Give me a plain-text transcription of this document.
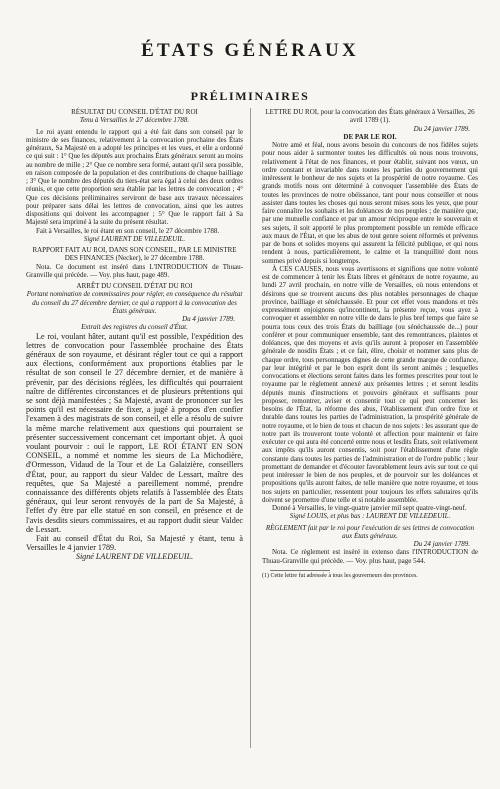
ÉTATS GÉNÉRAUX
PRÉLIMINAIRES

RÉSULTAT DU CONSEIL D'ÉTAT DU ROI

Tenu à Versailles le 27 décembre 1788.

Le roi ayant entendu le rapport qui a été fait dans son conseil par le ministre de ses finances, relativement à la convocation prochaine des États généraux, Sa Majesté en a adopté les principes et les vues, et elle a ordonné ce qui suit : 1° Que les députés aux prochains États généraux seront au moins au nombre de mille ; 2° Que ce nombre sera formé, autant qu'il sera possible, en raison composée de la population et des contributions de chaque bailliage ; 3° Que le nombre des députés du tiers-état sera égal à celui des deux ordres réunis, et que cette proportion sera établie par les lettres de convocation ; 4° Que ces décisions préliminaires serviront de base aux travaux nécessaires pour préparer sans délai les lettres de convocation, ainsi que les autres dispositions qui doivent les accompagner ; 5° Que le rapport fait à Sa Majesté sera imprimé à la suite du présent résultat.

Fait à Versailles, le roi étant en son conseil, le 27 décembre 1788.

Signé LAURENT DE VILLEDEUIL.

RAPPORT FAIT AU ROI, DANS SON CONSEIL, PAR LE MINISTRE DES FINANCES (Necker), le 27 décembre 1788.

Nota. Ce document est inséré dans L'INTRODUCTION de Thuau-Granville qui précède. — Voy. plus haut, page 489.

ARRÊT DU CONSEIL D'ÉTAT DU ROI

Portant nomination de commissaires pour régler, en conséquence du résultat du conseil du 27 décembre dernier, ce qui a rapport à la convocation des États généraux.

Du 4 janvier 1789.

Extrait des registres du conseil d'État.

Le roi, voulant hâter, autant qu'il est possible, l'expédition des lettres de convocation pour l'assemblée prochaine des États généraux de son royaume, et désirant régler tout ce qui a rapport aux élections, conformément aux proportions établies par le résultat de son conseil le 27 décembre dernier, et de manière à prévenir, par des décisions réglées, les difficultés qui pourraient naître de différentes circonstances et de plusieurs prétentions qui se sont déjà manifestées ; Sa Majesté, avant de prononcer sur les points qu'il est nécessaire de fixer, a jugé à propos d'en confier l'examen à des magistrats de son conseil, et elle a résolu de suivre la même marche relativement aux questions qui pourraient se présenter successivement concernant cet important objet. À quoi voulant pourvoir : ouï le rapport, LE ROI ÉTANT EN SON CONSEIL, a nommé et nomme les sieurs de La Michodière, d'Ormesson, Vidaud de la Tour et de La Galaizière, conseillers d'État, pour, au rapport du sieur Valdec de Lessart, maître des requêtes, que Sa Majesté a pareillement nommé, prendre connaissance des différents objets relatifs à l'assemblée des États généraux, qui leur seront renvoyés de la part de Sa Majesté, à l'effet d'y être par elle statué en son conseil, en présence et de l'avis desdits sieurs commissaires, et au rapport dudit sieur Valdec de Lessart.

Fait au conseil d'État du Roi, Sa Majesté y étant, tenu à Versailles le 4 janvier 1789.

Signé LAURENT DE VILLEDEUIL.

LETTRE DU ROI, pour la convocation des États généraux à Versailles, 26 avril 1789 (1).

Du 24 janvier 1789.

DE PAR LE ROI.

Notre amé et féal, nous avons besoin du concours de nos fidèles sujets pour nous aider à surmonter toutes les difficultés où nous nous trouvons, relativement à l'état de nos finances, et pour établir, suivant nos vœux, un ordre constant et invariable dans toutes les parties du gouvernement qui intéressent le bonheur de nos sujets et la prospérité de notre royaume. Ces grands motifs nous ont déterminé à convoquer l'assemblée des États de toutes les provinces de notre obéissance, tant pour nous conseiller et nous assister dans toutes les choses qui nous seront mises sous les yeux, que pour faire connaître les souhaits et les doléances de nos peuples ; de manière que, par une mutuelle confiance et par un amour réciproque entre le souverain et ses sujets, il soit apporté le plus promptement possible un remède efficace aux maux de l'État, et que les abus de tout genre soient réformés et prévenus par de bons et solides moyens qui assurent la félicité publique, et qui nous rendent à nous, particulièrement, le calme et la tranquillité dont nous sommes privé depuis si longtemps.

À CES CAUSES, nous vous avertissons et signifions que notre volonté est de commencer à tenir les États libres et généraux de notre royaume, au lundi 27 avril prochain, en notre ville de Versailles, où nous entendons et désirons que se trouvent aucuns des plus notables personnages de chaque province, bailliage et sénéchaussée. Et pour cet effet vous mandons et très expressément enjoignons qu'incontinent, la présente reçue, vous ayez à convoquer et assembler en notre ville de dans le plus bref temps que faire se pourra tous ceux des trois États du bailliage (ou sénéchaussée de...) pour conférer et pour communiquer ensemble, tant des remontrances, plaintes et doléances, que des moyens et avis qu'ils auront à proposer en l'assemblée générale de nosdits États ; et ce fait, élire, choisir et nommer sans plus de chaque ordre, tous personnages dignes de cette grande marque de confiance, par leur intégrité et par le bon esprit dont ils seront animés ; lesquelles convocations et élections seront faites dans les formes prescrites pour tout le royaume par le règlement annexé aux présentes lettres ; et seront lesdits députés munis d'instructions et pouvoirs généraux et suffisants pour proposer, remontrer, aviser et consentir tout ce qui peut concerner les besoins de l'État, la réforme des abus, l'établissement d'un ordre fixe et durable dans toutes les parties de l'administration, la prospérité générale de notre royaume, et le bien de tous et chacun de nos sujets : les assurant que de notre part ils trouveront toute volonté et affection pour maintenir et faire exécuter ce qui aura été concerté entre nous et lesdits États, soit relativement aux impôts qu'ils auront consentis, soit pour l'établissement d'une règle constante dans toutes les parties de l'administration et de l'ordre public ; leur promettant de demander et d'écouter favorablement leurs avis sur tout ce qui peut intéresser le bien de nos peuples, et de pourvoir sur les doléances et propositions qu'ils auront faites, de telle manière que notre royaume, et tous nos sujets en particulier, ressentent pour toujours les effets salutaires qu'ils doivent se promettre d'une telle et si notable assemblée.

Donné à Versailles, le vingt-quatre janvier mil sept quatre-vingt-neuf.

Signé LOUIS, et plus bas : LAURENT DE VILLEDEUIL.

RÈGLEMENT fait par le roi pour l'exécution de ses lettres de convocation aux États généraux.

Du 24 janvier 1789.

Nota. Ce règlement est inséré in extenso dans l'INTRODUCTION de Thuau-Granville qui précède. — Voy. plus haut, page 544.

(1) Cette lettre fut adressée à tous les gouverneurs des provinces.
